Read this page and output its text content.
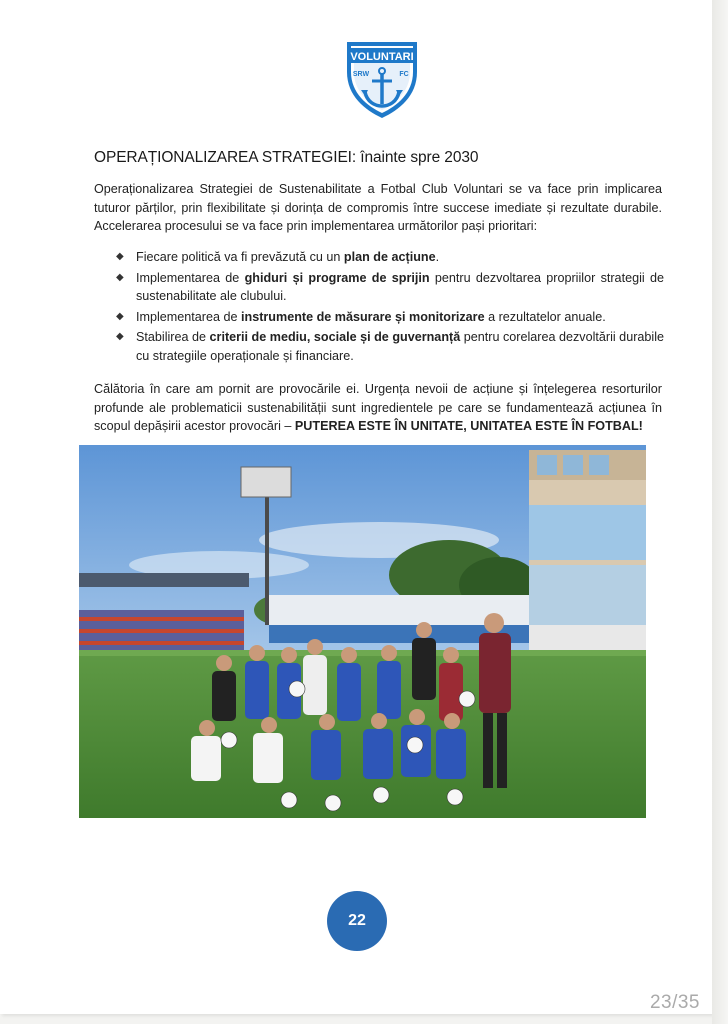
VOLUNTARI
SRW	FC
OPERAȚIONALIZAREA STRATEGIEI: înainte spre 2030
Operaționalizarea Strategiei de Sustenabilitate a Fotbal Club Voluntari se va face prin implicarea tuturor părților, prin flexibilitate și dorința de compromis între succese imediate și rezultate durabile. Accelerarea procesului se va face prin implementarea următorilor pași prioritari:
◆ Fiecare politică va fi prevăzută cu un plan de acțiune.
◆ Implementarea de ghiduri și programe de sprijin pentru dezvoltarea propriilor strategii de sustenabilitate ale clubului.
◆ Implementarea de instrumente de măsurare și monitorizare a rezultatelor anuale.
◆ Stabilirea de criterii de mediu, sociale și de guvernanță pentru corelarea dezvoltării durabile cu strategiile operaționale și financiare.
Călătoria în care am pornit are provocările ei. Urgența nevoii de acțiune și înțelegerea resorturilor profunde ale problematicii sustenabilității sunt ingredientele pe care se fundamentează acțiunea în scopul depășirii acestor provocări – PUTEREA ESTE ÎN UNITATE, UNITATEA ESTE ÎN FOTBAL!
22
23/35
